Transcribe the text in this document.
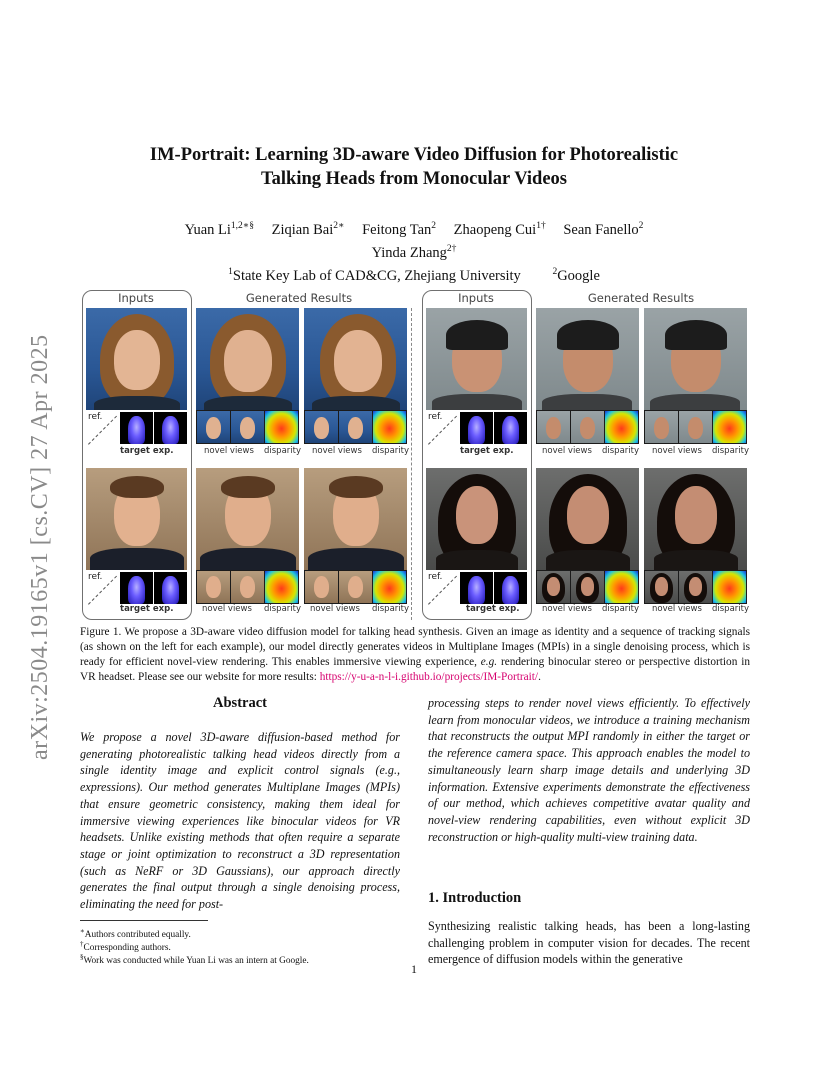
arXiv:2504.19165v1 [cs.CV] 27 Apr 2025
IM-Portrait: Learning 3D-aware Video Diffusion for Photorealistic
Talking Heads from Monocular Videos
Yuan $Li^{1,2∗\S}$ Ziqian Bai$^{2∗}$ Feitong Tan$^2$ Zhaopeng Cui$^{1\dagger}$ Sean Fanello$^2$
Yinda Zhang$^{2\dagger}$
$^1$State Key Lab of CAD&CG, Zhejiang University	$^2$Google
Inputs	Generated Results	Inputs	Generated Results
ref.
target exp.	novel views disparity novel views disparity
ref.
target exp.	novel views disparity novel views disparity
ref.
target exp.	novel views disparity novel views disparity
ref.
target exp.	novel views disparity novel views disparity
Figure 1. We propose a 3D-aware video diffusion model for talking head synthesis. Given an image as identity and a sequence of tracking signals (as shown on the left for each example), our model directly generates videos in Multiplane Images (MPIs) in a single denoising process, which is ready for efficient novel-view rendering. This enables immersive viewing experience, e.g. rendering binocular stereo or perspective distortion in VR headset. Please see our website for more results: https://y-u-a-n-l-i.github.io/projects/IM-Portrait/.
Abstract
We propose a novel 3D-aware diffusion-based method for generating photorealistic talking head videos directly from a single identity image and explicit control signals (e.g., expressions). Our method generates Multiplane Images (MPIs) that ensure geometric consistency, making them ideal for immersive viewing experiences like binocular videos for VR headsets. Unlike existing methods that often require a separate stage or joint optimization to reconstruct a 3D representation (such as NeRF or 3D Gaussians), our approach directly generates the final output through a single denoising process, eliminating the need for post-
processing steps to render novel views efficiently. To effectively learn from monocular videos, we introduce a training mechanism that reconstructs the output MPI randomly in either the target or the reference camera space. This approach enables the model to simultaneously learn sharp image details and underlying 3D information. Extensive experiments demonstrate the effectiveness of our method, which achieves competitive avatar quality and novel-view rendering capabilities, even without explicit 3D reconstruction or high-quality multi-view training data.
1. Introduction
Synthesizing realistic talking heads, has been a long-lasting challenging problem in computer vision for decades. The recent emergence of diffusion models within the generative
∗Authors contributed equally.
†Corresponding authors.
§Work was conducted while Yuan Li was an intern at Google.
1
